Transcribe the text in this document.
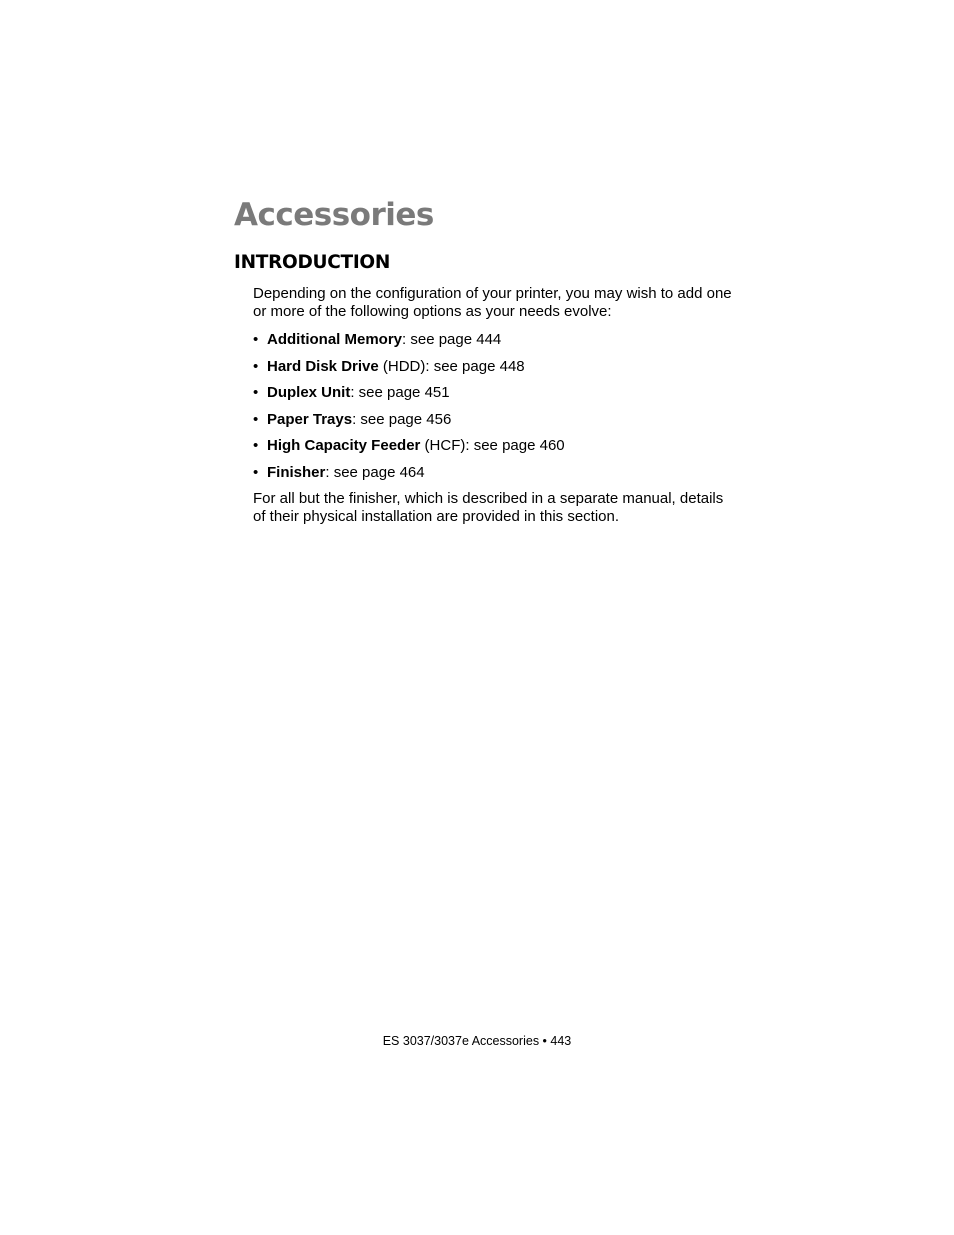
Accessories
INTRODUCTION

Depending on the configuration of your printer, you may wish to add one or more of the following options as your needs evolve:

• Additional Memory: see page 444
• Hard Disk Drive (HDD): see page 448
• Duplex Unit: see page 451
• Paper Trays: see page 456
• High Capacity Feeder (HCF): see page 460
• Finisher: see page 464

For all but the finisher, which is described in a separate manual, details of their physical installation are provided in this section.

ES 3037/3037e Accessories • 443
